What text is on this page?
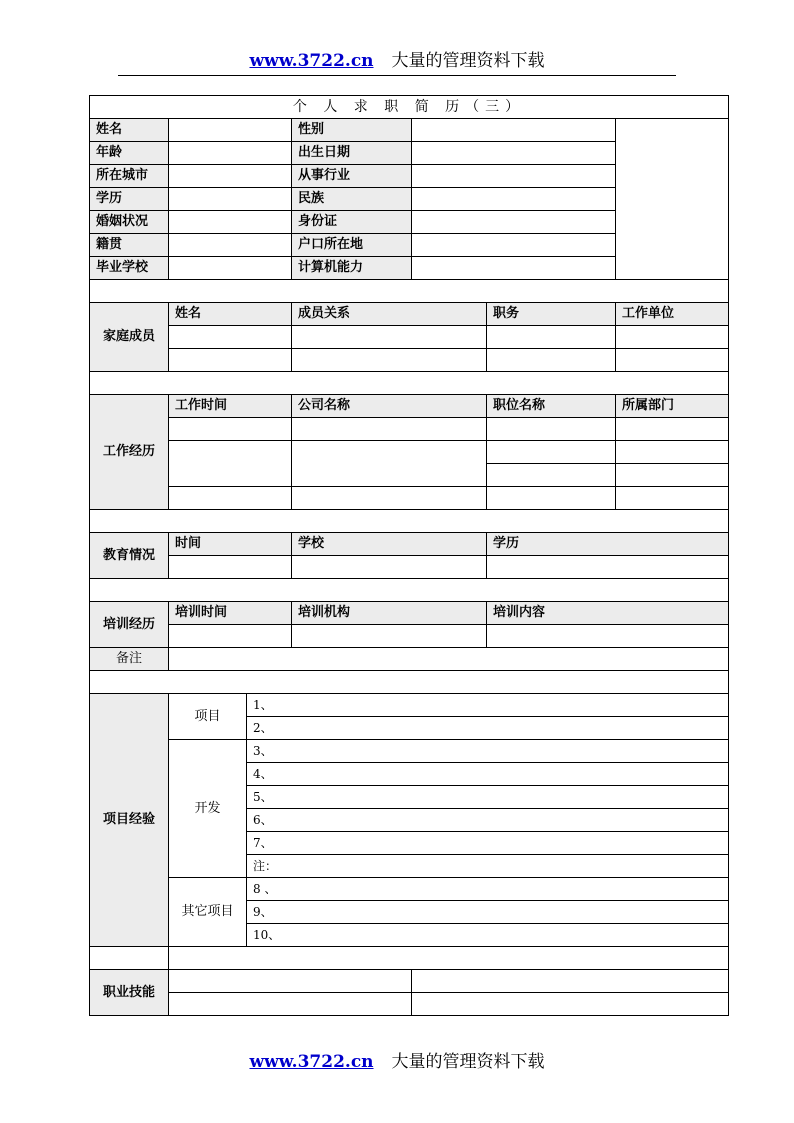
www.3722.cn 大量的管理资料下载
个 人 求 职 简 历（三）						
姓名			性别			
年龄			出生日期			
所在城市			从事行业			
学历			民族			
婚姻状况			身份证			
籍贯			户口所在地			
毕业学校			计算机能力			

家庭成员	姓名		成员关系		职务	工作单位

工作经历	工作时间		公司名称		职位名称	所属部门

教育情况	时间		学校		学历	

培训经历	培训时间		培训机构		培训内容	

备注						

项目经验	项目	1、				
		2、				
	开发	3、				
		4、				
		5、				
		6、				
		7、				
		注：				
	其它项目	8 、				
		9、				
		10、				

职业技能						

www.3722.cn 大量的管理资料下载
